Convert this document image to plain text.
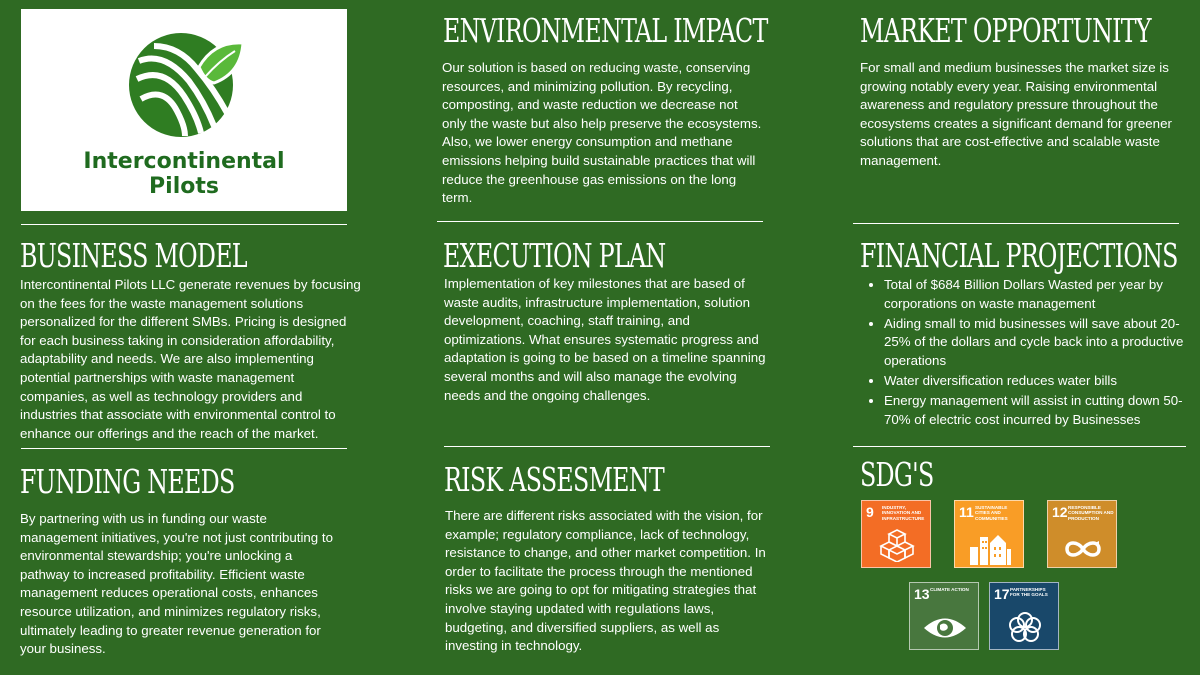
Intercontinental
Pilots
BUSINESS MODEL

Intercontinental Pilots LLC generate revenues by focusing on the fees for the waste management solutions personalized for the different SMBs. Pricing is designed for each business taking in consideration affordability, adaptability and needs. We are also implementing potential partnerships with waste management companies, as well as technology providers and industries that associate with environmental control to enhance our offerings and the reach of the market.

FUNDING NEEDS

By partnering with us in funding our waste management initiatives, you're not just contributing to environmental stewardship; you're unlocking a pathway to increased profitability. Efficient waste management reduces operational costs, enhances resource utilization, and minimizes regulatory risks, ultimately leading to greater revenue generation for your business.

ENVIRONMENTAL IMPACT

Our solution is based on reducing waste, conserving resources, and minimizing pollution. By recycling, composting, and waste reduction we decrease not only the waste but also help preserve the ecosystems. Also, we lower energy consumption and methane emissions helping build sustainable practices that will reduce the greenhouse gas emissions on the long term.

EXECUTION PLAN

Implementation of key milestones that are based of waste audits, infrastructure implementation, solution development, coaching, staff training, and optimizations. What ensures systematic progress and adaptation is going to be based on a timeline spanning several months and will also manage the evolving needs and the ongoing challenges.

RISK ASSESMENT

There are different risks associated with the vision, for example; regulatory compliance, lack of technology, resistance to change, and other market competition. In order to facilitate the process through the mentioned risks we are going to opt for mitigating strategies that involve staying updated with regulations laws, budgeting, and diversified suppliers, as well as investing in technology.

MARKET OPPORTUNITY

For small and medium businesses the market size is growing notably every year. Raising environmental awareness and regulatory pressure throughout the ecosystems creates a significant demand for greener solutions that are cost-effective and scalable waste management.

FINANCIAL PROJECTIONS
• Total of $684 Billion Dollars Wasted per year by corporations on waste management
• Aiding small to mid businesses will save about 20-25% of the dollars and cycle back into a productive operations
• Water diversification reduces water bills
• Energy management will assist in cutting down 50-70% of electric cost incurred by Businesses
SDG'S
9 INDUSTRY, INNOVATION AND INFRASTRUCTURE 11 SUSTAINABLE CITIES AND COMMUNITIES	12 RESPONSIBLE CONSUMPTION AND PRODUCTION
13 CLIMATE ACTION	17 PARTNERSHIPS FOR THE GOALS
